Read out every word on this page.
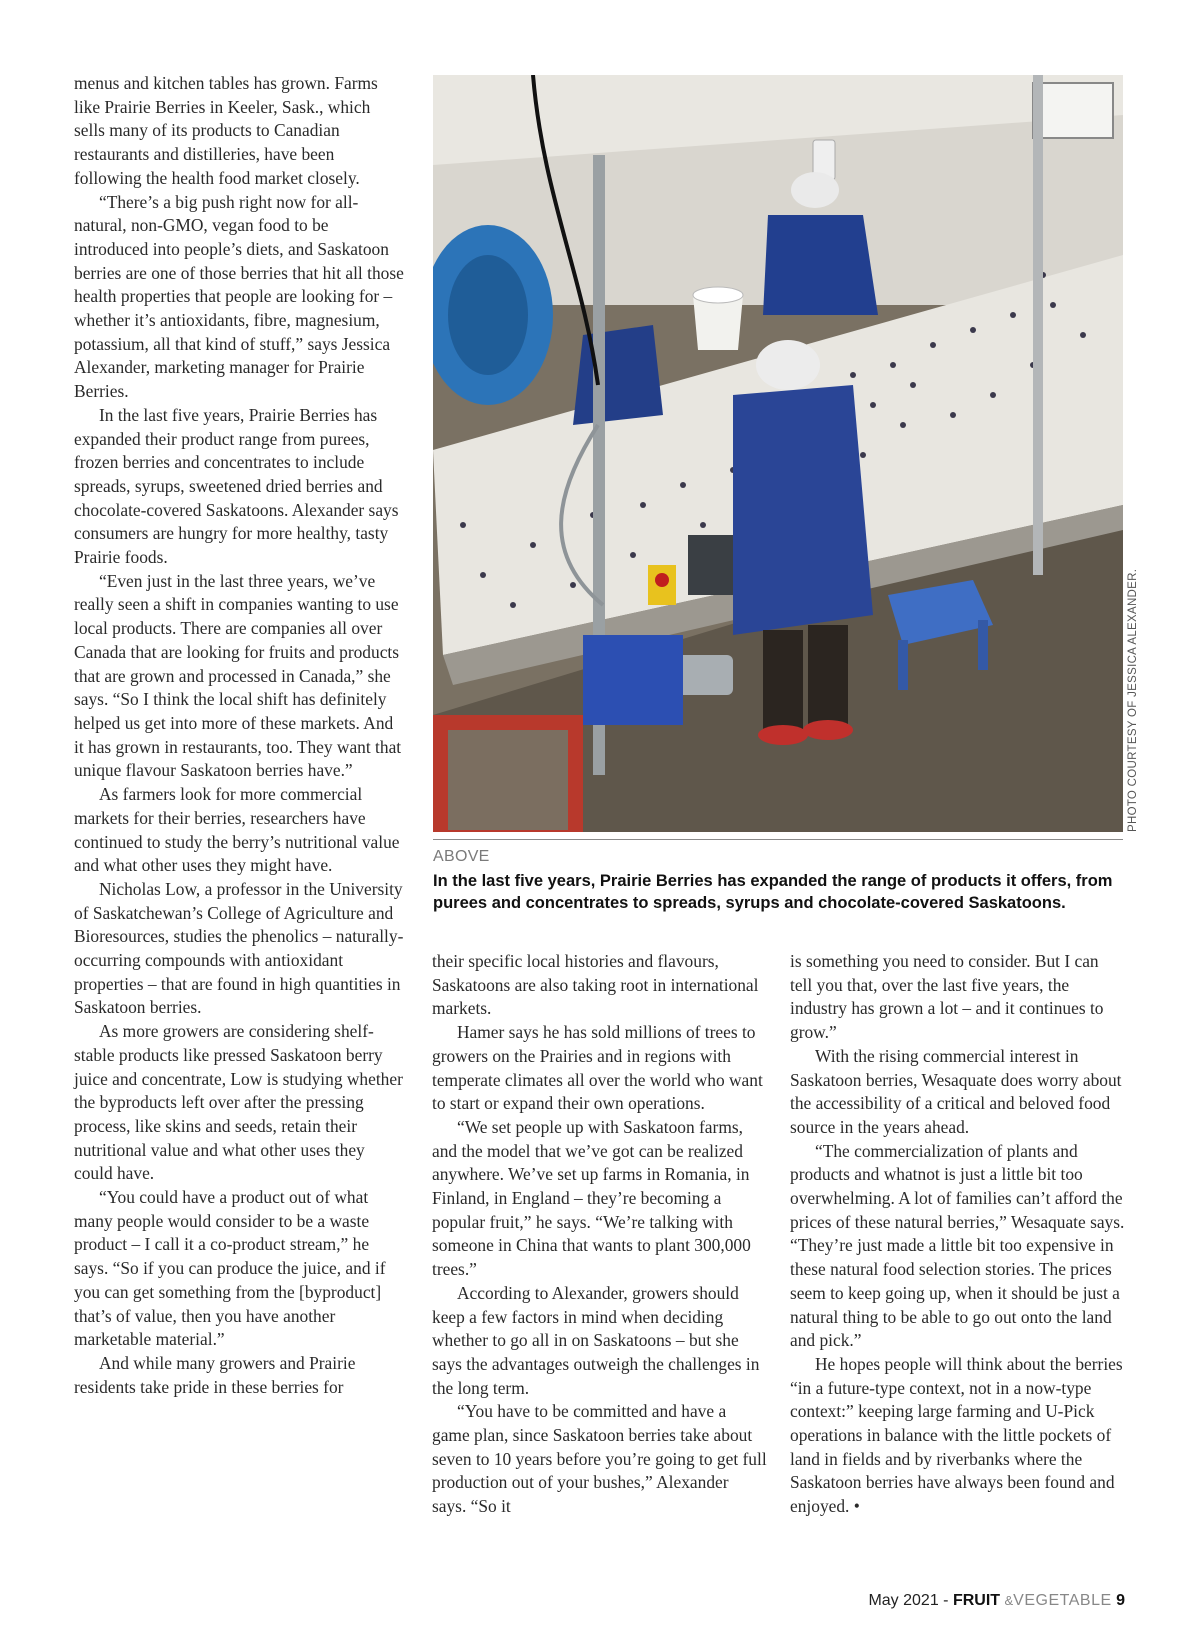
menus and kitchen tables has grown. Farms like Prairie Berries in Keeler, Sask., which sells many of its products to Canadian restaurants and distilleries, have been following the health food market closely.

“There’s a big push right now for all-natural, non-GMO, vegan food to be introduced into people’s diets, and Saskatoon berries are one of those berries that hit all those health properties that people are looking for – whether it’s antioxidants, fibre, magnesium, potassium, all that kind of stuff,” says Jessica Alexander, marketing manager for Prairie Berries.

In the last five years, Prairie Berries has expanded their product range from purees, frozen berries and concentrates to include spreads, syrups, sweetened dried berries and chocolate-covered Saskatoons. Alexander says consumers are hungry for more healthy, tasty Prairie foods.

“Even just in the last three years, we’ve really seen a shift in companies wanting to use local products. There are companies all over Canada that are looking for fruits and products that are grown and processed in Canada,” she says. “So I think the local shift has definitely helped us get into more of these markets. And it has grown in restaurants, too. They want that unique flavour Saskatoon berries have.”

As farmers look for more commercial markets for their berries, researchers have continued to study the berry’s nutritional value and what other uses they might have.

Nicholas Low, a professor in the University of Saskatchewan’s College of Agriculture and Bioresources, studies the phenolics – naturally-occurring compounds with antioxidant properties – that are found in high quantities in Saskatoon berries.

As more growers are considering shelf-stable products like pressed Saskatoon berry juice and concentrate, Low is studying whether the byproducts left over after the pressing process, like skins and seeds, retain their nutritional value and what other uses they could have.

“You could have a product out of what many people would consider to be a waste product – I call it a co-product stream,” he says. “So if you can produce the juice, and if you can get something from the [byproduct] that’s of value, then you have another marketable material.”

And while many growers and Prairie residents take pride in these berries for

PHOTO COURTESY OF JESSICA ALEXANDER.
ABOVE
In the last five years, Prairie Berries has expanded the range of products it offers, from purees and concentrates to spreads, syrups and chocolate-covered Saskatoons.

their specific local histories and flavours, Saskatoons are also taking root in international markets.

Hamer says he has sold millions of trees to growers on the Prairies and in regions with temperate climates all over the world who want to start or expand their own operations.

“We set people up with Saskatoon farms, and the model that we’ve got can be realized anywhere. We’ve set up farms in Romania, in Finland, in England – they’re becoming a popular fruit,” he says. “We’re talking with someone in China that wants to plant 300,000 trees.”

According to Alexander, growers should keep a few factors in mind when deciding whether to go all in on Saskatoons – but she says the advantages outweigh the challenges in the long term.

“You have to be committed and have a game plan, since Saskatoon berries take about seven to 10 years before you’re going to get full production out of your bushes,” Alexander says. “So it

is something you need to consider. But I can tell you that, over the last five years, the industry has grown a lot – and it continues to grow.”

With the rising commercial interest in Saskatoon berries, Wesaquate does worry about the accessibility of a critical and beloved food source in the years ahead.

“The commercialization of plants and products and whatnot is just a little bit too overwhelming. A lot of families can’t afford the prices of these natural berries,” Wesaquate says. “They’re just made a little bit too expensive in these natural food selection stories. The prices seem to keep going up, when it should be just a natural thing to be able to go out onto the land and pick.”

He hopes people will think about the berries “in a future-type context, not in a now-type context:” keeping large farming and U-Pick operations in balance with the little pockets of land in fields and by riverbanks where the Saskatoon berries have always been found and enjoyed. •

May 2021 - FRUIT &VEGETABLE 9
